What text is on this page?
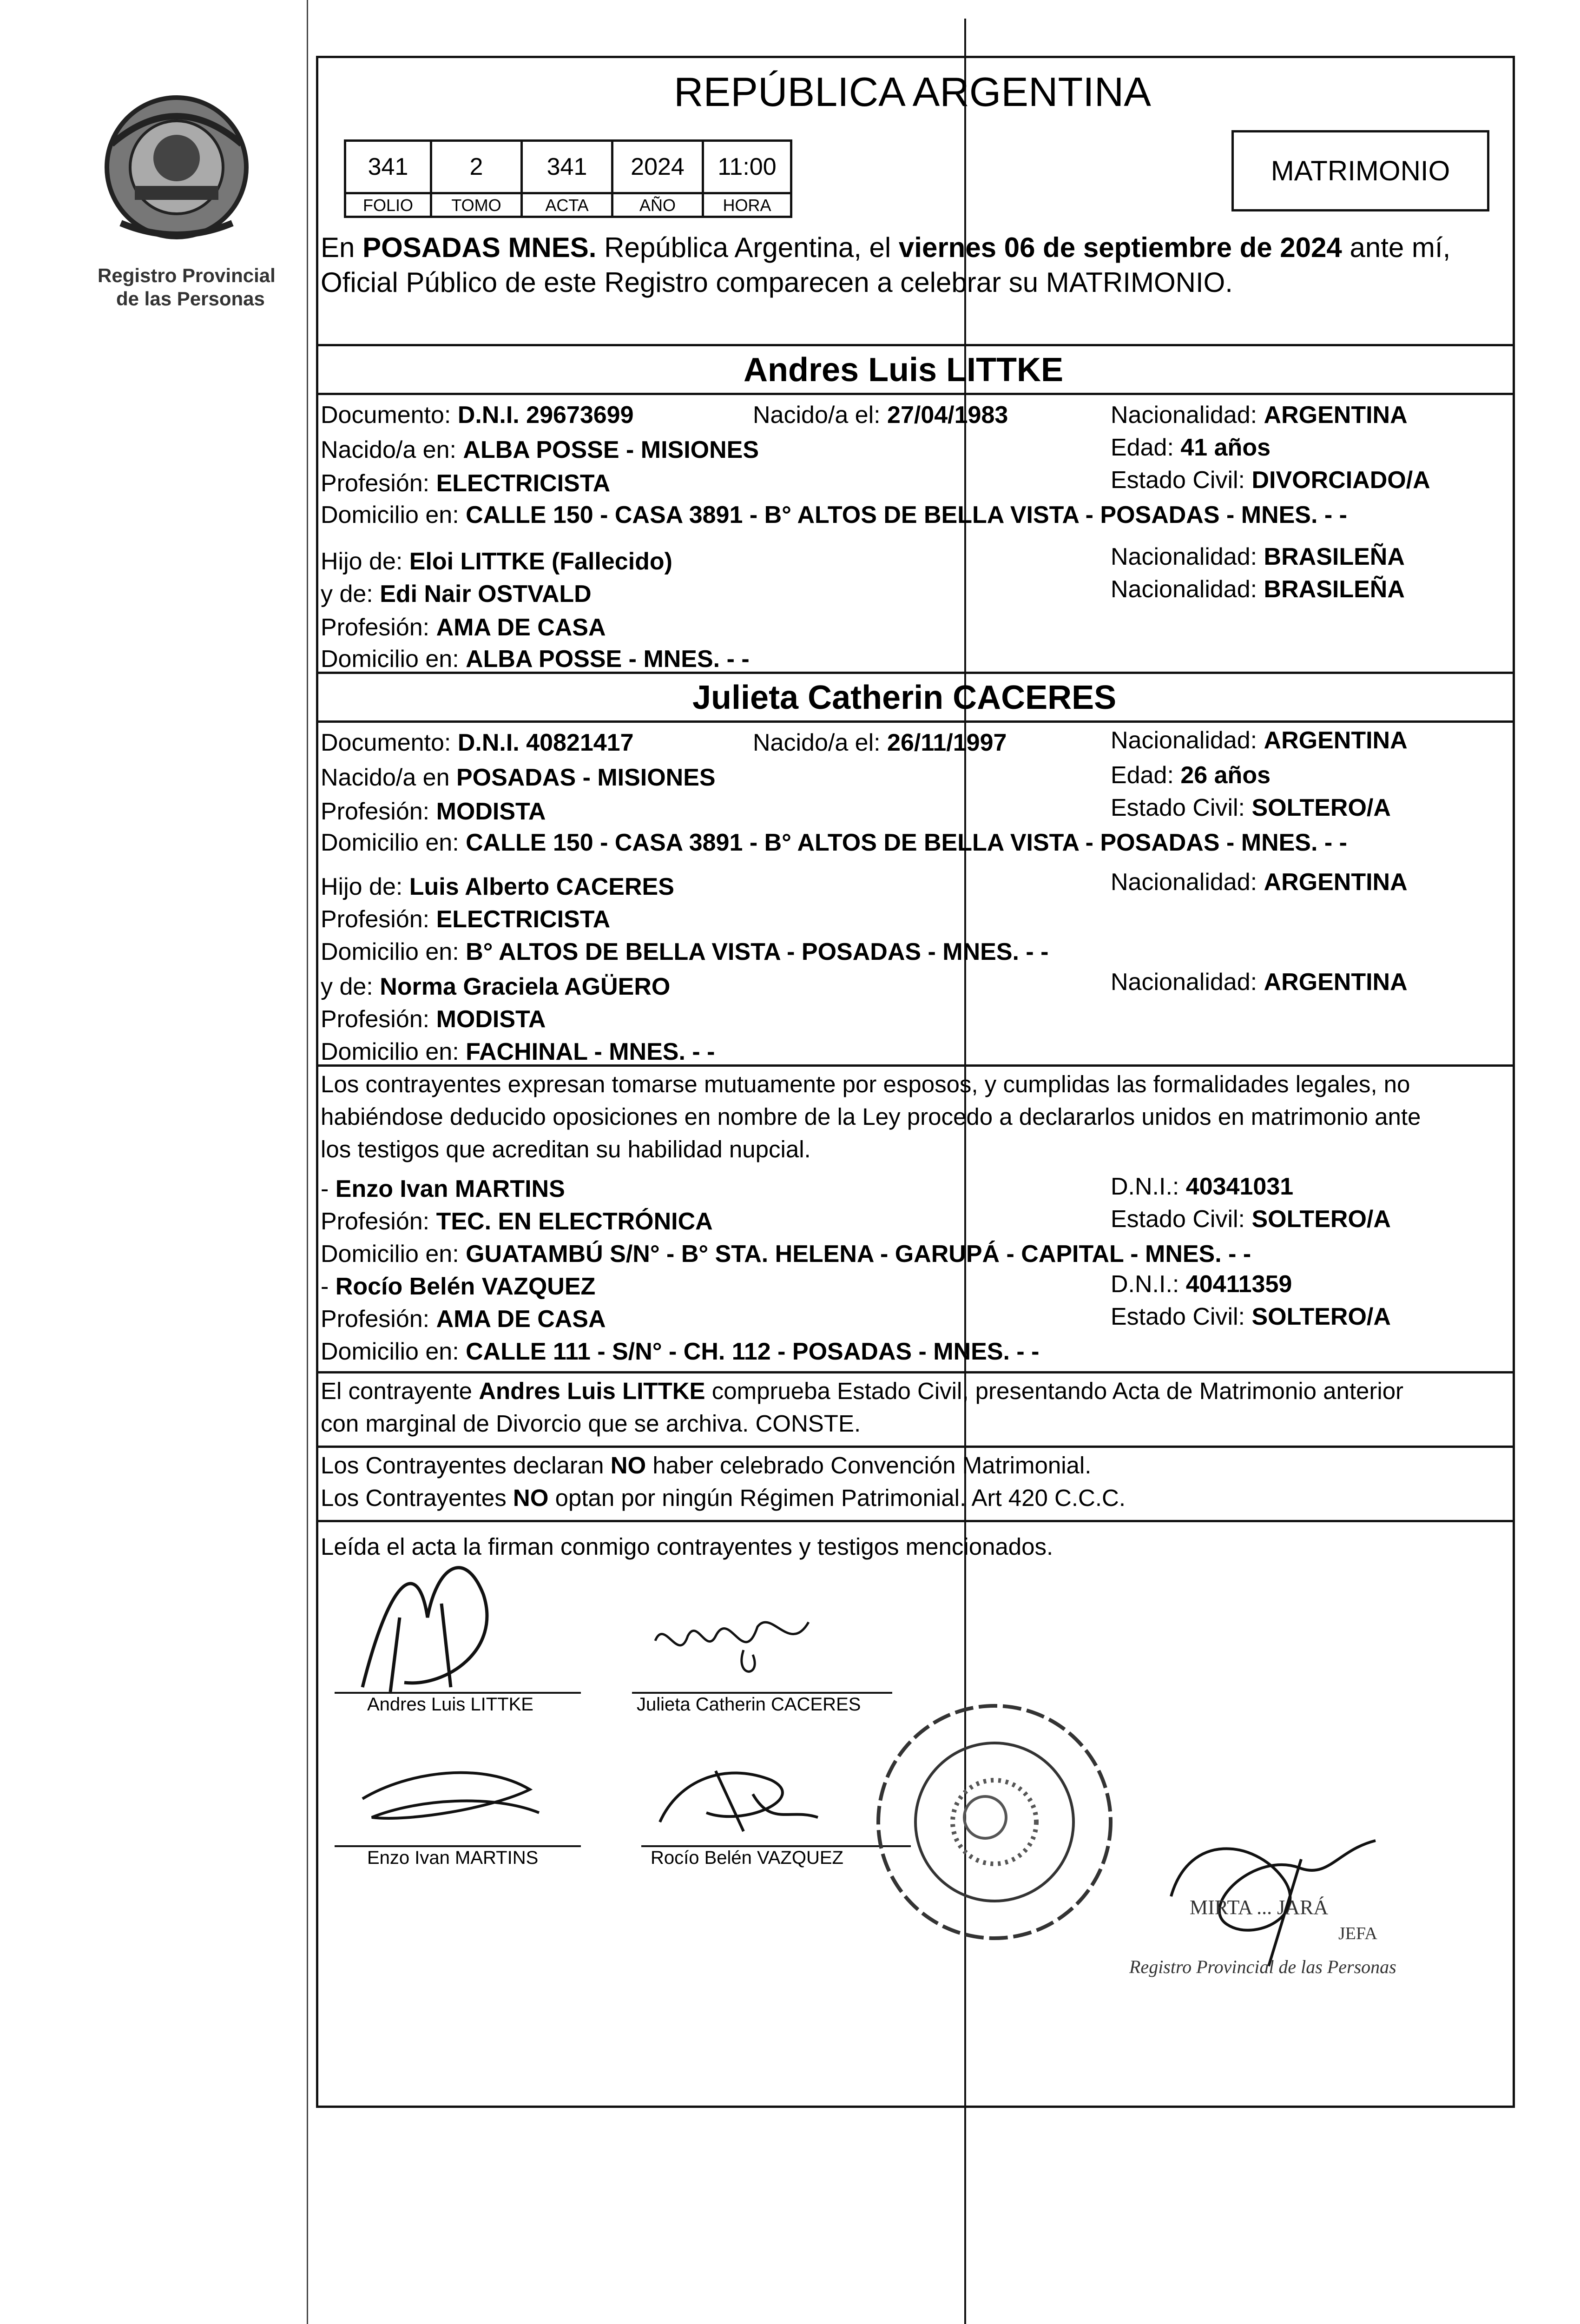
Registro Provincial
de las Personas
REPÚBLICA ARGENTINA
341	2	341	2024	11:00
FOLIO	TOMO	ACTA	AÑO	HORA
MATRIMONIO
En POSADAS MNES. República Argentina, el viernes 06 de septiembre de 2024 ante mí,
Oficial Público de este Registro comparecen a celebrar su MATRIMONIO.
Andres Luis LITTKE
Documento: D.N.I. 29673699	Nacido/a el: 27/04/1983	Nacionalidad: ARGENTINA
Nacido/a en: ALBA POSSE - MISIONES	Edad: 41 años
Profesión: ELECTRICISTA	Estado Civil: DIVORCIADO/A
Domicilio en: CALLE 150 - CASA 3891 - B° ALTOS DE BELLA VISTA - POSADAS - MNES. - -
Hijo de: Eloi LITTKE (Fallecido)	Nacionalidad: BRASILEÑA
y de: Edi Nair OSTVALD	Nacionalidad: BRASILEÑA
Profesión: AMA DE CASA
Domicilio en: ALBA POSSE - MNES. - -
Julieta Catherin CACERES
Documento: D.N.I. 40821417	Nacido/a el: 26/11/1997	Nacionalidad: ARGENTINA
Nacido/a en POSADAS - MISIONES	Edad: 26 años
Profesión: MODISTA	Estado Civil: SOLTERO/A
Domicilio en: CALLE 150 - CASA 3891 - B° ALTOS DE BELLA VISTA - POSADAS - MNES. - -
Hijo de: Luis Alberto CACERES	Nacionalidad: ARGENTINA
Profesión: ELECTRICISTA
Domicilio en: B° ALTOS DE BELLA VISTA - POSADAS - MNES. - -
y de: Norma Graciela AGÜERO	Nacionalidad: ARGENTINA
Profesión: MODISTA
Domicilio en: FACHINAL - MNES. - -
Los contrayentes expresan tomarse mutuamente por esposos, y cumplidas las formalidades legales, no
habiéndose deducido oposiciones en nombre de la Ley procedo a declararlos unidos en matrimonio ante
los testigos que acreditan su habilidad nupcial.
- Enzo Ivan MARTINS	D.N.I.: 40341031
Profesión: TEC. EN ELECTRÓNICA	Estado Civil: SOLTERO/A
Domicilio en: GUATAMBÚ S/N° - B° STA. HELENA - GARUPÁ - CAPITAL - MNES. - -
- Rocío Belén VAZQUEZ	D.N.I.: 40411359
Profesión: AMA DE CASA	Estado Civil: SOLTERO/A
Domicilio en: CALLE 111 - S/N° - CH. 112 - POSADAS - MNES. - -
El contrayente Andres Luis LITTKE comprueba Estado Civil, presentando Acta de Matrimonio anterior
con marginal de Divorcio que se archiva. CONSTE.
Los Contrayentes declaran NO haber celebrado Convención Matrimonial.
Los Contrayentes NO optan por ningún Régimen Patrimonial. Art 420 C.C.C.
Leída el acta la firman conmigo contrayentes y testigos mencionados.
Andres Luis LITTKE	Julieta Catherin CACERES
Enzo Ivan MARTINS	Rocío Belén VAZQUEZ
MIRTA ... JARÁ
JEFA
Registro Provincial de las Personas
